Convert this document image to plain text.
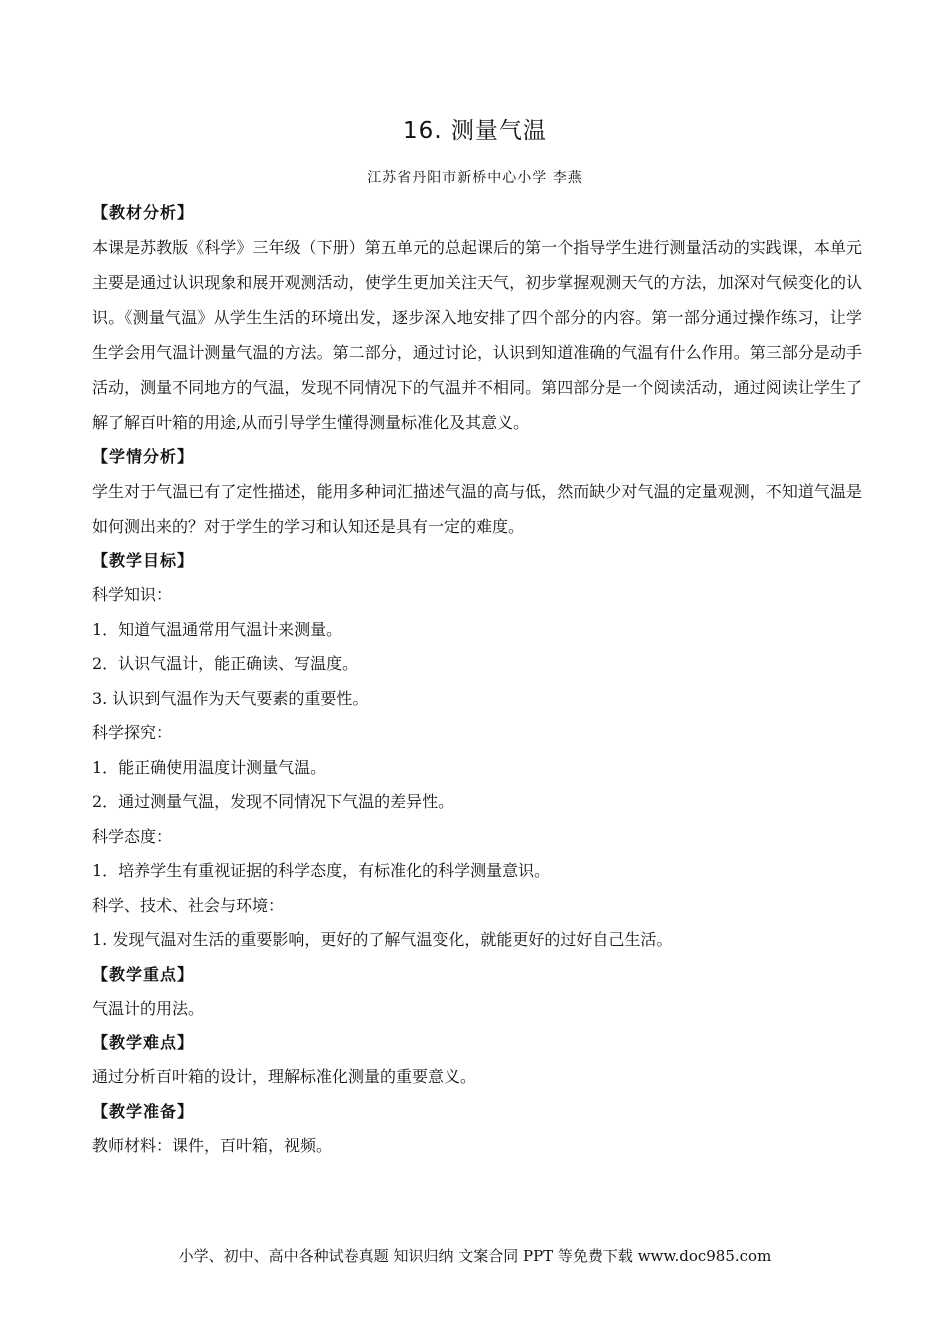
16. 测量气温
江苏省丹阳市新桥中心小学 李燕
【教材分析】
本课是苏教版《科学》三年级（下册）第五单元的总起课后的第一个指导学生进行测量活动的实践课，本单元主要是通过认识现象和展开观测活动，使学生更加关注天气，初步掌握观测天气的方法，加深对气候变化的认识。《测量气温》从学生生活的环境出发，逐步深入地安排了四个部分的内容。第一部分通过操作练习，让学生学会用气温计测量气温的方法。第二部分，通过讨论，认识到知道准确的气温有什么作用。第三部分是动手活动，测量不同地方的气温，发现不同情况下的气温并不相同。第四部分是一个阅读活动，通过阅读让学生了解了解百叶箱的用途,从而引导学生懂得测量标准化及其意义。
【学情分析】
学生对于气温已有了定性描述，能用多种词汇描述气温的高与低，然而缺少对气温的定量观测，不知道气温是如何测出来的？对于学生的学习和认知还是具有一定的难度。
【教学目标】
科学知识：
1．知道气温通常用气温计来测量。
2．认识气温计，能正确读、写温度。
3. 认识到气温作为天气要素的重要性。
科学探究：
1．能正确使用温度计测量气温。
2．通过测量气温，发现不同情况下气温的差异性。
科学态度：
1．培养学生有重视证据的科学态度，有标准化的科学测量意识。
科学、技术、社会与环境：
1. 发现气温对生活的重要影响，更好的了解气温变化，就能更好的过好自己生活。
【教学重点】
气温计的用法。
【教学难点】
通过分析百叶箱的设计，理解标准化测量的重要意义。
【教学准备】
教师材料：课件，百叶箱，视频。
小学、初中、高中各种试卷真题 知识归纳 文案合同 PPT 等免费下载 www.doc985.com
